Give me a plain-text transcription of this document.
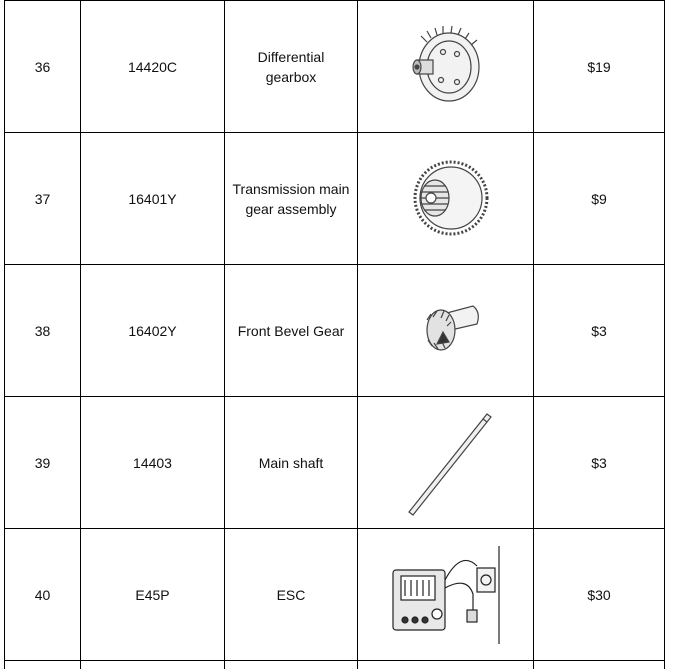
36	14420C	Differential gearbox		$19
37	16401Y	Transmission main gear assembly		$9
38	16402Y	Front Bevel Gear		$3
39	14403	Main shaft		$3
40	E45P	ESC		$30
